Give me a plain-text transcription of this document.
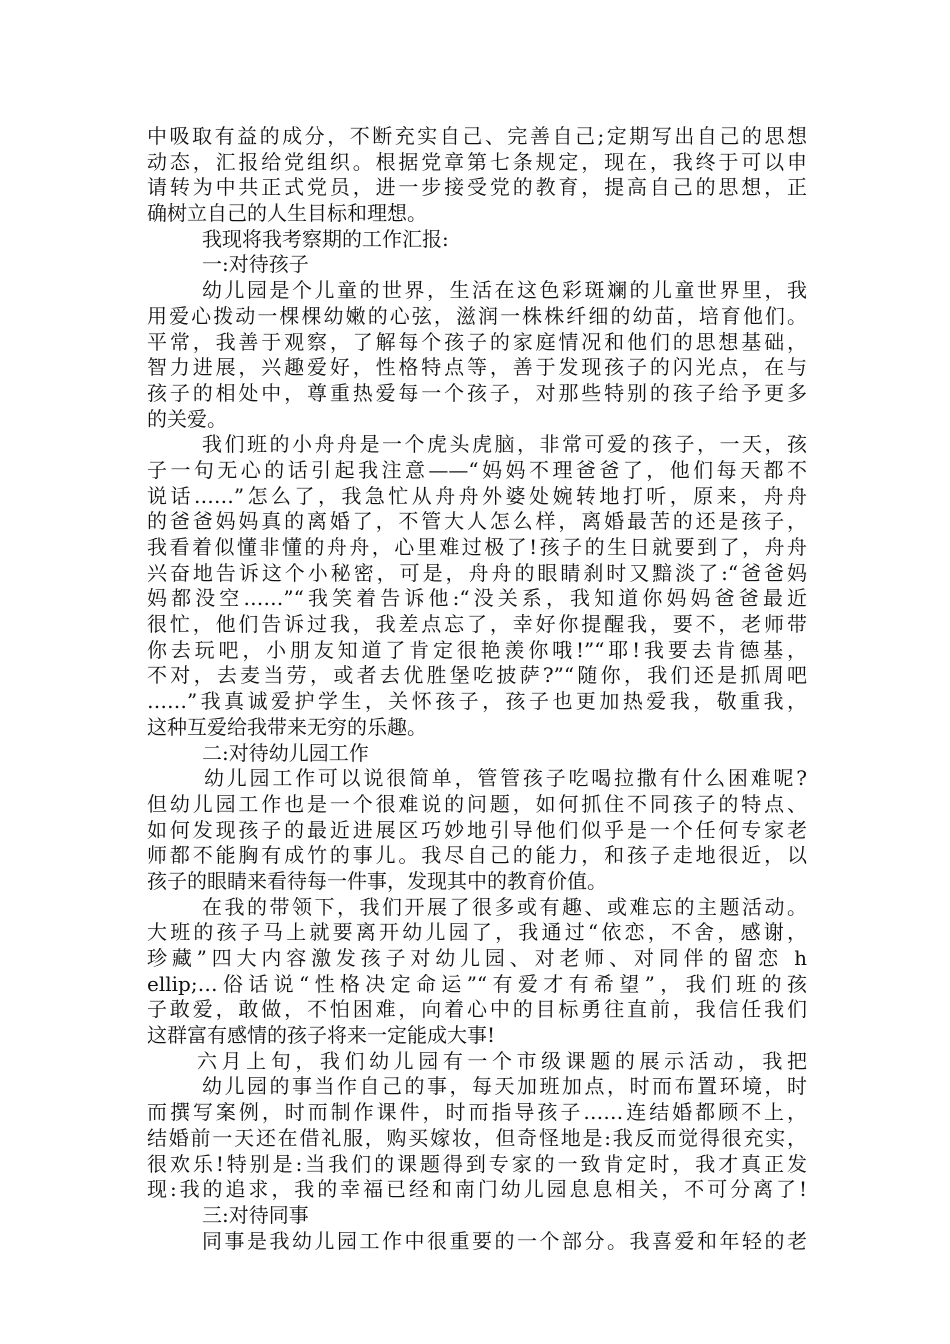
中吸取有益的成分，不断充实自己、完善自己;定期写出自己的思想
动态，汇报给党组织。根据党章第七条规定，现在，我终于可以申
请转为中共正式党员，进一步接受党的教育，提高自己的思想，正
确树立自己的人生目标和理想。
我现将我考察期的工作汇报:
一:对待孩子
幼儿园是个儿童的世界，生活在这色彩斑斓的儿童世界里，我
用爱心拨动一棵棵幼嫩的心弦，滋润一株株纤细的幼苗，培育他们。
平常，我善于观察，了解每个孩子的家庭情况和他们的思想基础，
智力进展，兴趣爱好，性格特点等，善于发现孩子的闪光点，在与
孩子的相处中，尊重热爱每一个孩子，对那些特别的孩子给予更多
的关爱。
我们班的小舟舟是一个虎头虎脑，非常可爱的孩子，一天，孩
子一句无心的话引起我注意——“妈妈不理爸爸了，他们每天都不
说话……”怎么了，我急忙从舟舟外婆处婉转地打听，原来，舟舟
的爸爸妈妈真的离婚了，不管大人怎么样，离婚最苦的还是孩子，
我看着似懂非懂的舟舟，心里难过极了!孩子的生日就要到了，舟舟
兴奋地告诉这个小秘密，可是，舟舟的眼睛刹时又黯淡了:“爸爸妈
妈都没空……”“我笑着告诉他:“没关系，我知道你妈妈爸爸最近
很忙，他们告诉过我，我差点忘了，幸好你提醒我，要不，老师带
你去玩吧，小朋友知道了肯定很艳羡你哦!”“耶!我要去肯德基，
不对，去麦当劳，或者去优胜堡吃披萨?”“随你，我们还是抓周吧
……”我真诚爱护学生，关怀孩子，孩子也更加热爱我，敬重我，
这种互爱给我带来无穷的乐趣。
二:对待幼儿园工作
幼儿园工作可以说很简单，管管孩子吃喝拉撒有什么困难呢?
但幼儿园工作也是一个很难说的问题，如何抓住不同孩子的特点、
如何发现孩子的最近进展区巧妙地引导他们似乎是一个任何专家老
师都不能胸有成竹的事儿。我尽自己的能力，和孩子走地很近，以
孩子的眼睛来看待每一件事，发现其中的教育价值。
在我的带领下，我们开展了很多或有趣、或难忘的主题活动。
大班的孩子马上就要离开幼儿园了，我通过“依恋，不舍，感谢，
珍藏”四大内容激发孩子对幼儿园、对老师、对同伴的留恋 h
ellip;…俗话说“性格决定命运”“有爱才有希望”，我们班的孩
子敢爱，敢做，不怕困难，向着心中的目标勇往直前，我信任我们
这群富有感情的孩子将来一定能成大事!
六月上旬，我们幼儿园有一个市级课题的展示活动，我把
幼儿园的事当作自己的事，每天加班加点，时而布置环境，时
而撰写案例，时而制作课件，时而指导孩子……连结婚都顾不上，
结婚前一天还在借礼服，购买嫁妆，但奇怪地是:我反而觉得很充实，
很欢乐!特别是:当我们的课题得到专家的一致肯定时，我才真正发
现:我的追求，我的幸福已经和南门幼儿园息息相关，不可分离了!
三:对待同事
同事是我幼儿园工作中很重要的一个部分。我喜爱和年轻的老
